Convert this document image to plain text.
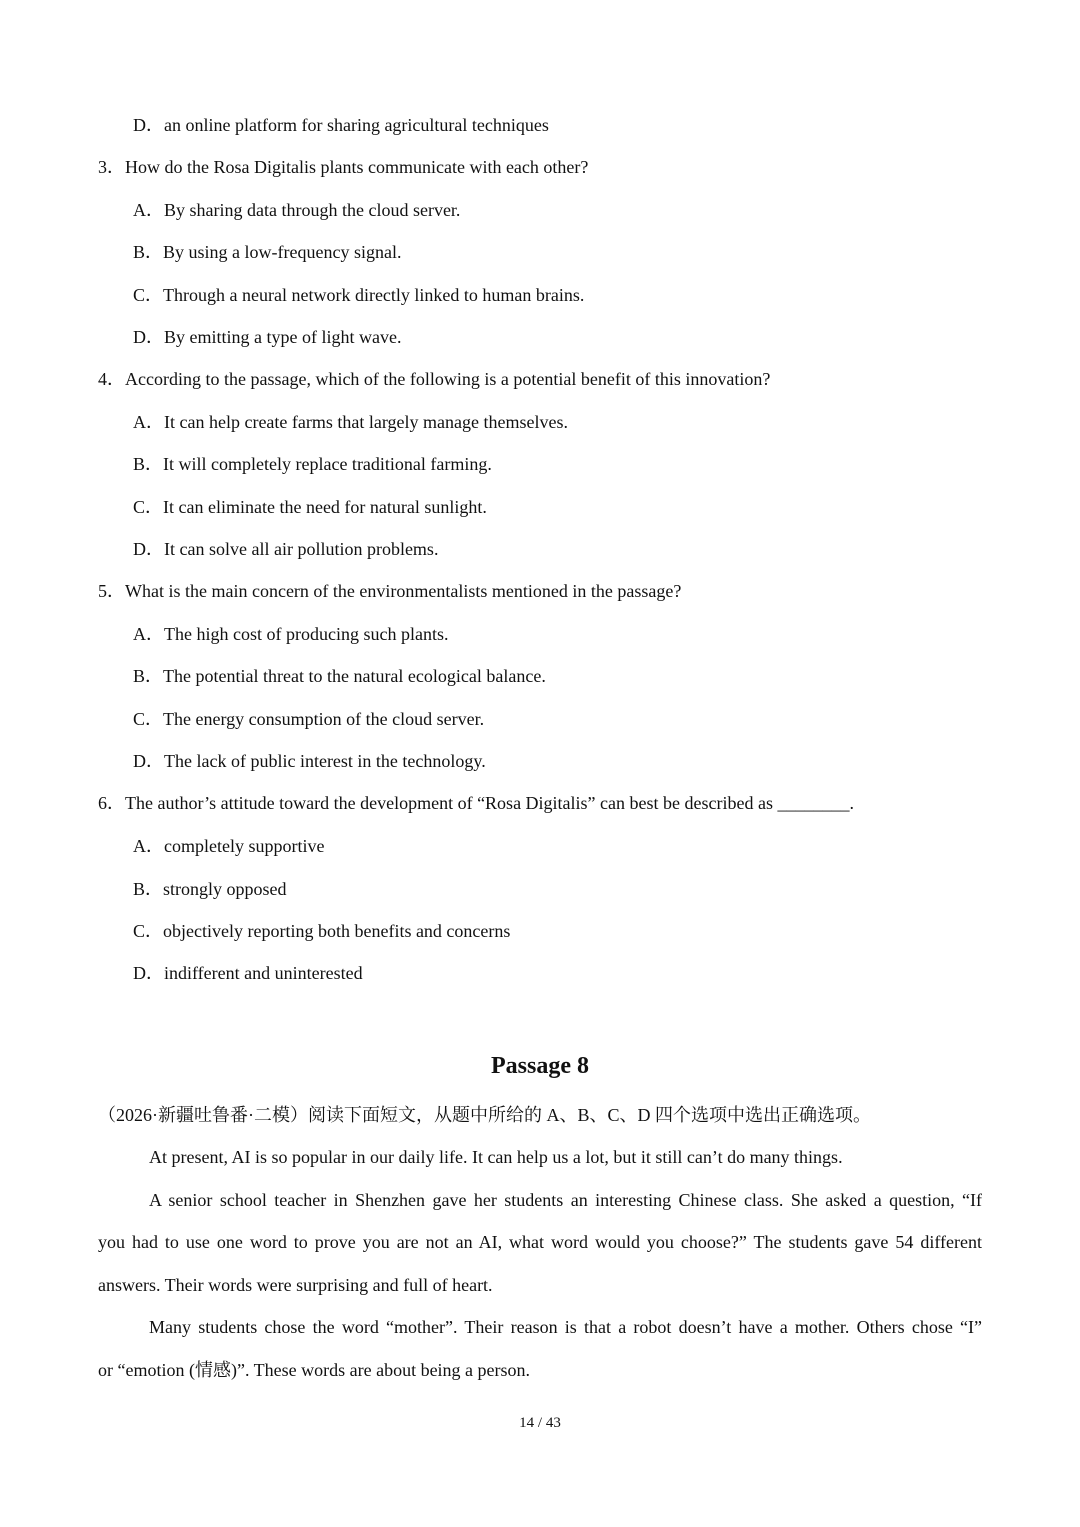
D．an online platform for sharing agricultural techniques
3．How do the Rosa Digitalis plants communicate with each other?
A．By sharing data through the cloud server.
B．By using a low-frequency signal.
C．Through a neural network directly linked to human brains.
D．By emitting a type of light wave.
4．According to the passage, which of the following is a potential benefit of this innovation?
A．It can help create farms that largely manage themselves.
B．It will completely replace traditional farming.
C．It can eliminate the need for natural sunlight.
D．It can solve all air pollution problems.
5．What is the main concern of the environmentalists mentioned in the passage?
A．The high cost of producing such plants.
B．The potential threat to the natural ecological balance.
C．The energy consumption of the cloud server.
D．The lack of public interest in the technology.
6．The author’s attitude toward the development of “Rosa Digitalis” can best be described as ________.
A．completely supportive
B．strongly opposed
C．objectively reporting both benefits and concerns
D．indifferent and uninterested
Passage 8
（2026·新疆吐鲁番·二模）阅读下面短文，从题中所给的 A、B、C、D 四个选项中选出正确选项。
At present, AI is so popular in our daily life. It can help us a lot, but it still can’t do many things.
A senior school teacher in Shenzhen gave her students an interesting Chinese class. She asked a question, “If
you had to use one word to prove you are not an AI, what word would you choose?” The students gave 54 different
answers. Their words were surprising and full of heart.
Many students chose the word “mother”. Their reason is that a robot doesn’t have a mother. Others chose “I”
or “emotion (情感)”. These words are about being a person.
14 / 43
